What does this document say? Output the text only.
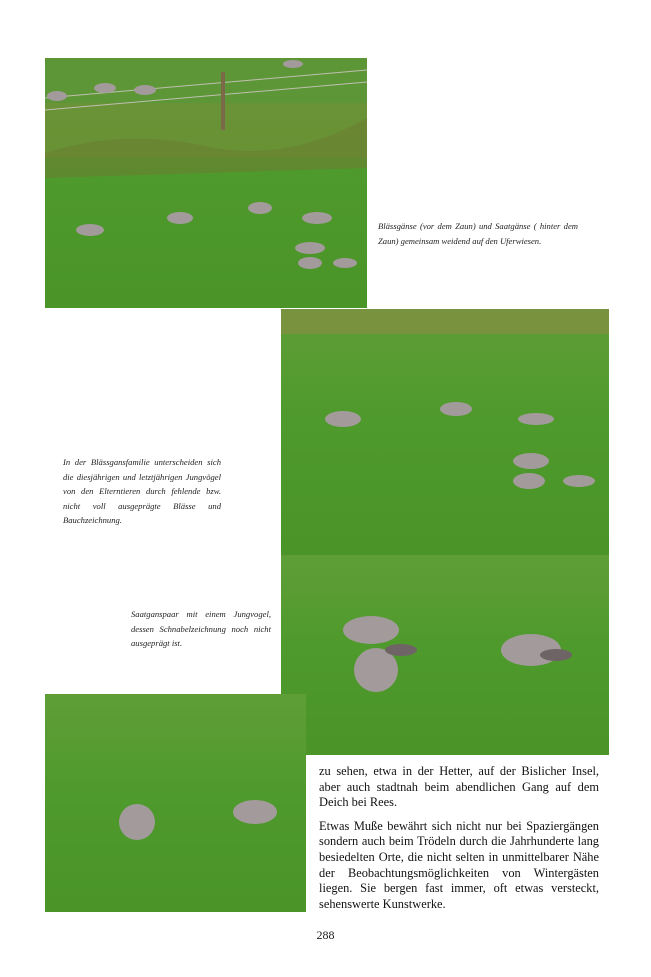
Blässgänse (vor dem Zaun) und Saatgänse ( hinter dem Zaun) gemeinsam weidend auf den Uferwiesen.
In der Blässgansfamilie unterscheiden sich die diesjährigen und letztjährigen Jungvögel von den Elterntieren durch fehlende bzw. nicht voll ausgeprägte Blässe und Bauchzeichnung.
Saatganspaar mit einem Jungvogel, dessen Schnabelzeichnung noch nicht ausgeprägt ist.

zu sehen, etwa in der Hetter, auf der Bislicher Insel, aber auch stadtnah beim abendlichen Gang auf dem Deich bei Rees.

Etwas Muße bewährt sich nicht nur bei Spaziergängen sondern auch beim Trödeln durch die Jahrhunderte lang besiedelten Orte, die nicht selten in unmittelbarer Nähe der Beobachtungsmöglichkeiten von Wintergästen liegen. Sie bergen fast immer, oft etwas versteckt, sehenswerte Kunstwerke.

288
